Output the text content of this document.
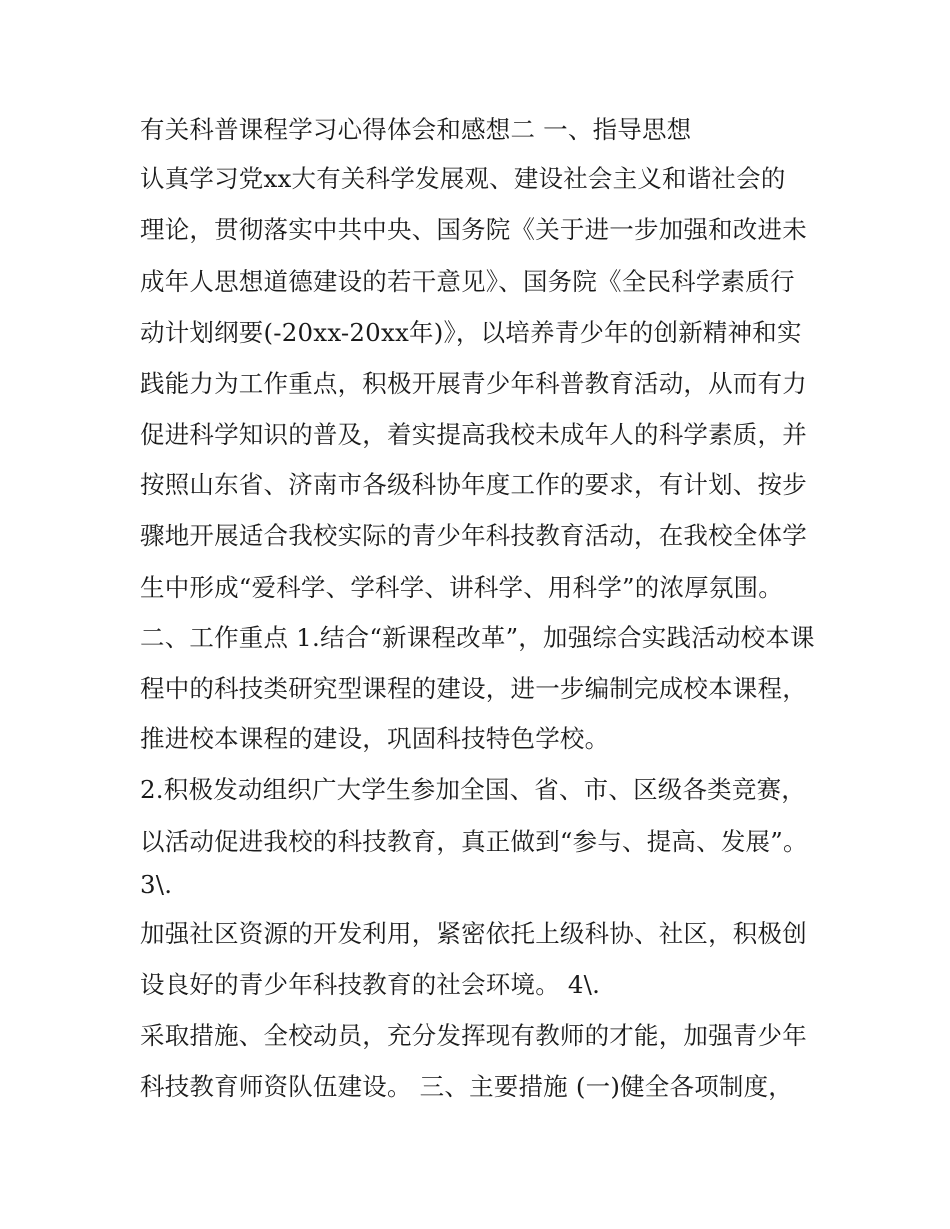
有关科普课程学习心得体会和感想二 一、指导思想
认真学习党xx大有关科学发展观、建设社会主义和谐社会的
理论，贯彻落实中共中央、国务院《关于进一步加强和改进未
成年人思想道德建设的若干意见》、国务院《全民科学素质行
动计划纲要(-20xx-20xx年)》，以培养青少年的创新精神和实
践能力为工作重点，积极开展青少年科普教育活动，从而有力
促进科学知识的普及，着实提高我校未成年人的科学素质，并
按照山东省、济南市各级科协年度工作的要求，有计划、按步
骤地开展适合我校实际的青少年科技教育活动，在我校全体学
生中形成“爱科学、学科学、讲科学、用科学”的浓厚氛围。
二、工作重点 1.结合“新课程改革”，加强综合实践活动校本课
程中的科技类研究型课程的建设，进一步编制完成校本课程，
推进校本课程的建设，巩固科技特色学校。
2.积极发动组织广大学生参加全国、省、市、区级各类竞赛，
以活动促进我校的科技教育，真正做到“参与、提高、发展”。
3\.
加强社区资源的开发利用，紧密依托上级科协、社区，积极创
设良好的青少年科技教育的社会环境。 4\.
采取措施、全校动员，充分发挥现有教师的才能，加强青少年
科技教育师资队伍建设。 三、主要措施 (一)健全各项制度，
